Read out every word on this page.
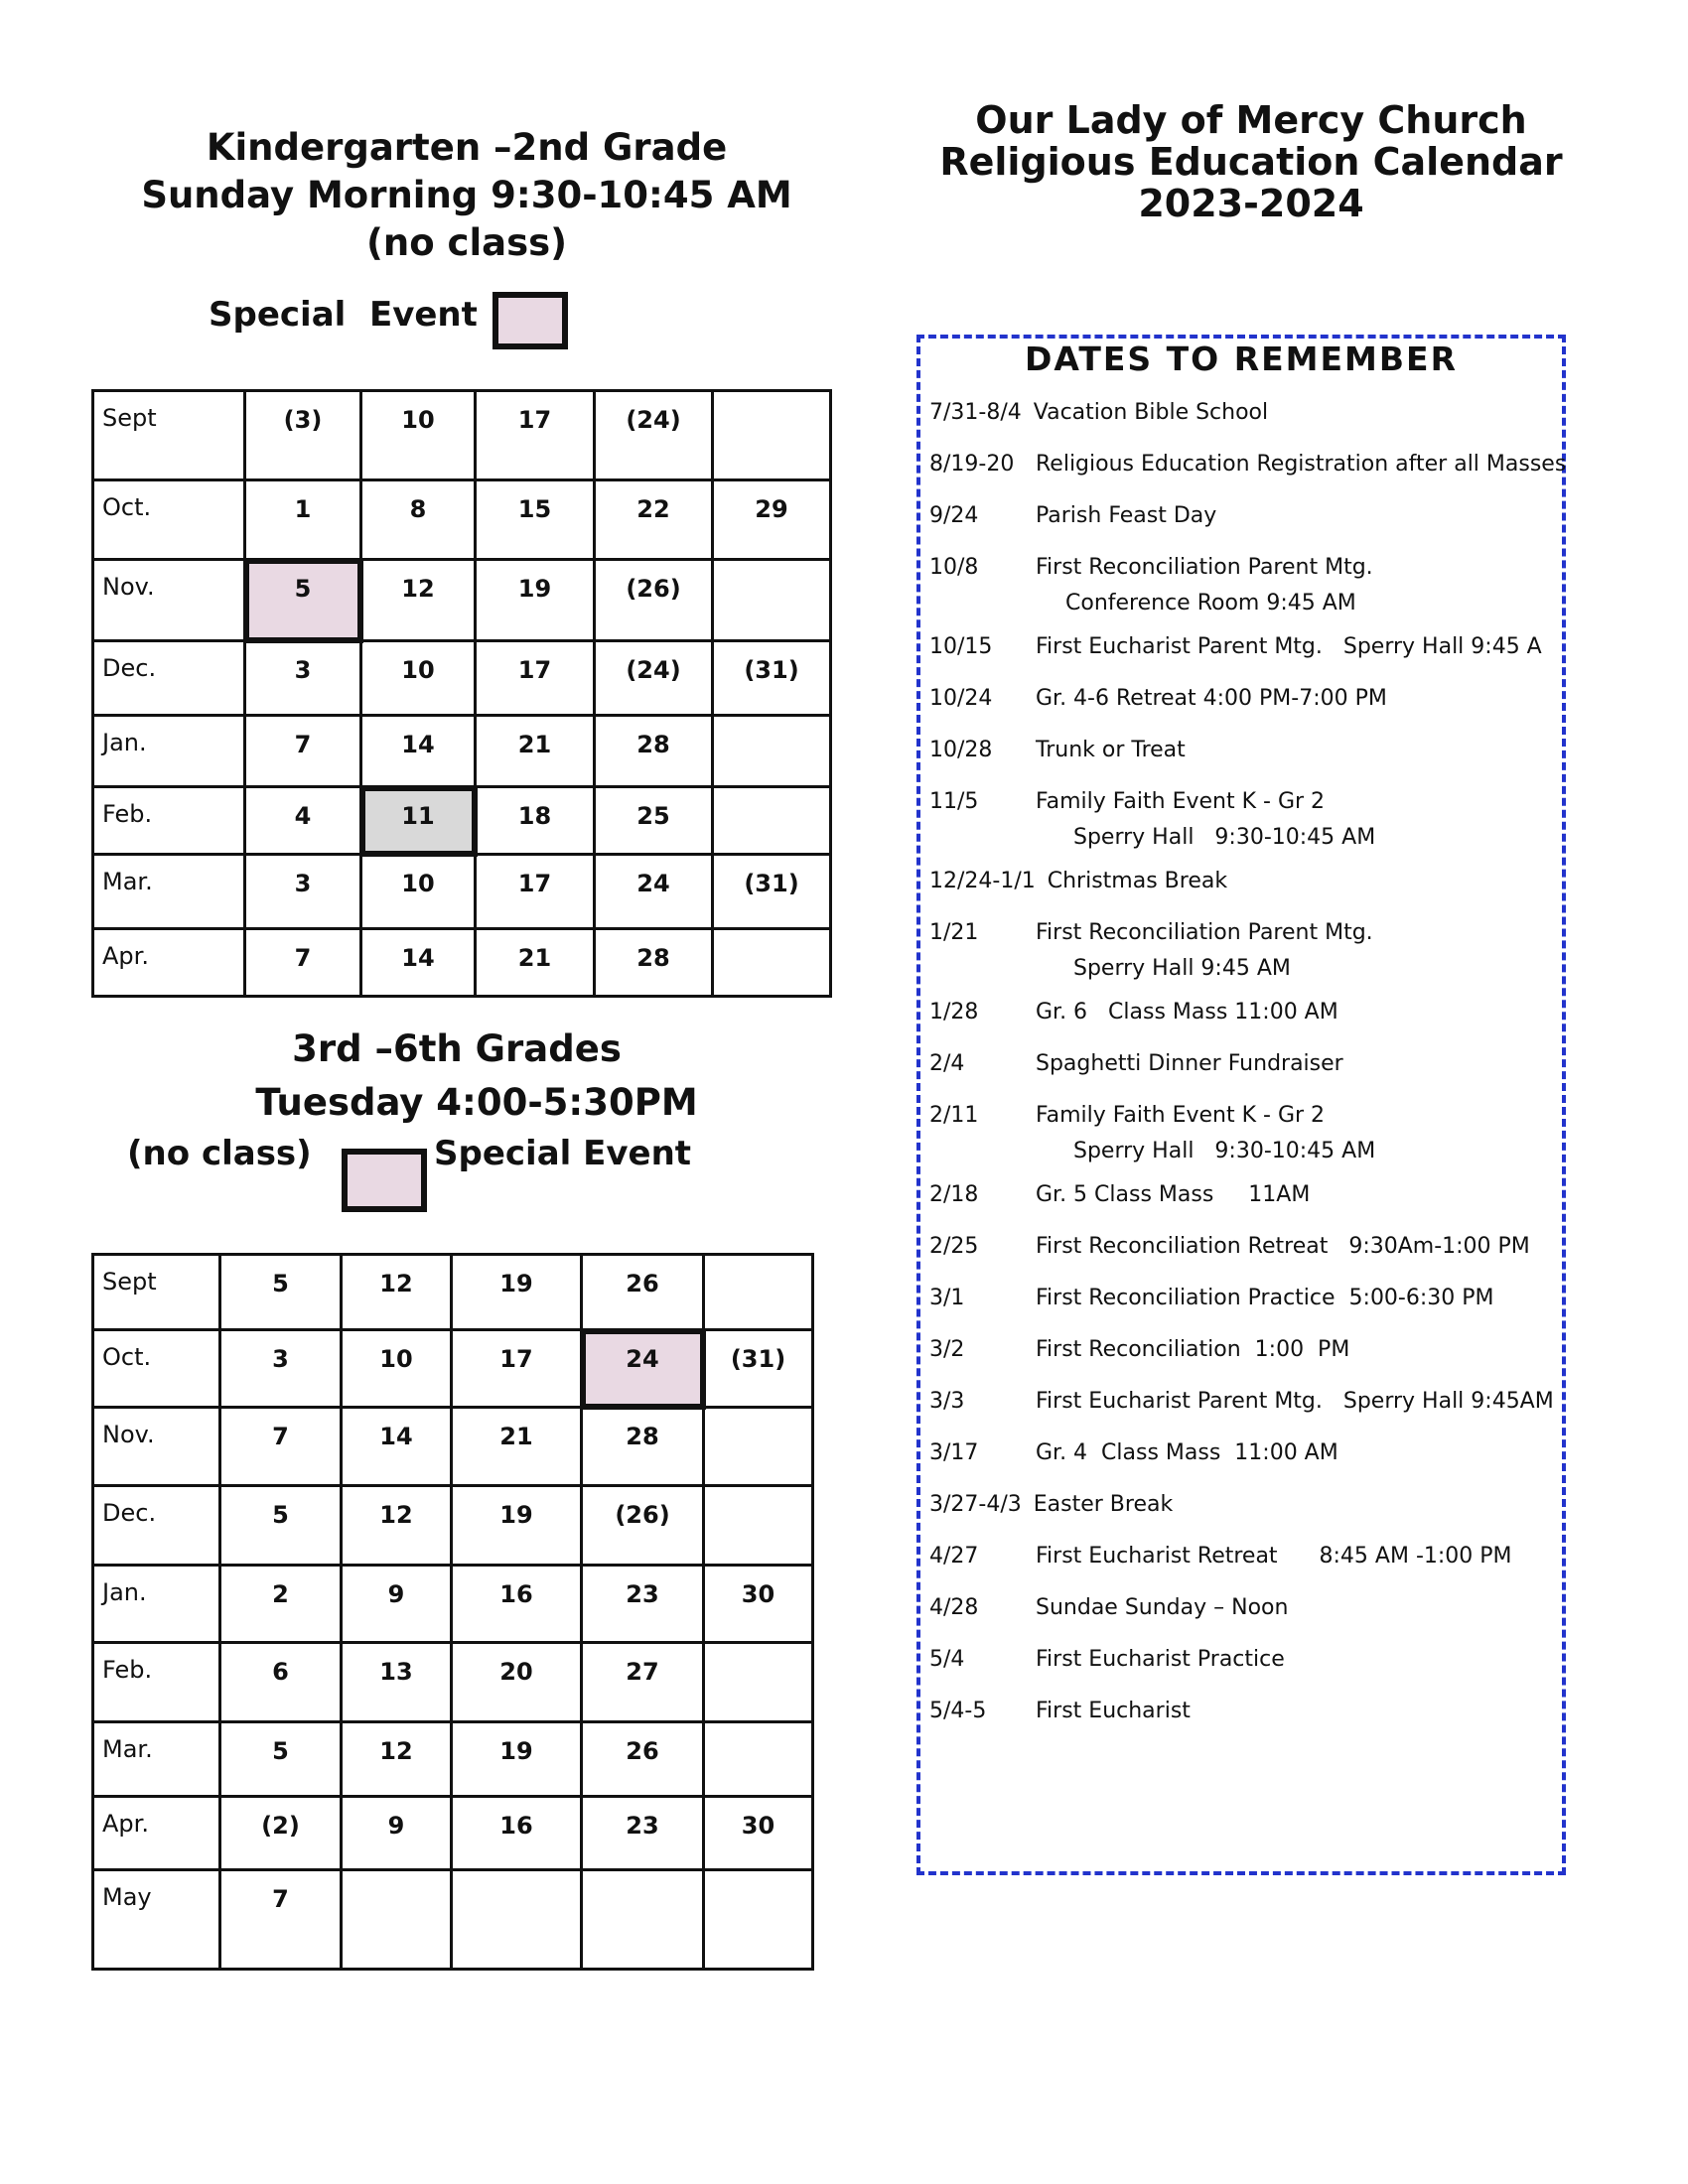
Our Lady of Mercy Church
Religious Education Calendar
2023-2024
Kindergarten –2nd Grade
Sunday Morning 9:30-10:45 AM
(no class)
Special  Event
Sept	(3)	10	17	(24)	
Oct.	1	8	15	22	29
Nov.	5	12	19	(26)	
Dec.	3	10	17	(24)	(31)
Jan.	7	14	21	28	
Feb.	4	11	18	25	
Mar.	3	10	17	24	(31)
Apr.	7	14	21	28	
3rd –6th Grades
Tuesday 4:00-5:30PM
(no class)	Special Event
Sept	5	12	19	26	
Oct.	3	10	17	24	(31)
Nov.	7	14	21	28	
Dec.	5	12	19	(26)	
Jan.	2	9	16	23	30
Feb.	6	13	20	27	
Mar.	5	12	19	26	
Apr.	(2)	9	16	23	30
May	7				
DATES TO REMEMBER
7/31-8/4 Vacation Bible School
8/19-20 Religious Education Registration after all Masses
9/24	Parish Feast Day
10/8	First Reconciliation Parent Mtg.
Conference Room 9:45 AM
10/15 First Eucharist Parent Mtg.   Sperry Hall 9:45 A
10/24 Gr. 4-6 Retreat 4:00 PM-7:00 PM
10/28 Trunk or Treat
11/5	Family Faith Event K - Gr 2
Sperry Hall   9:30-10:45 AM
12/24-1/1 Christmas Break
1/21	First Reconciliation Parent Mtg.
Sperry Hall 9:45 AM
1/28	Gr. 6   Class Mass 11:00 AM
2/4	Spaghetti Dinner Fundraiser
2/11	Family Faith Event K - Gr 2
Sperry Hall   9:30-10:45 AM
2/18	Gr. 5 Class Mass     11AM
2/25	First Reconciliation Retreat   9:30Am-1:00 PM
3/1	First Reconciliation Practice  5:00-6:30 PM
3/2	First Reconciliation  1:00  PM
3/3	First Eucharist Parent Mtg.   Sperry Hall 9:45AM
3/17	Gr. 4  Class Mass  11:00 AM
3/27-4/3 Easter Break
4/27	First Eucharist Retreat      8:45 AM -1:00 PM
4/28	Sundae Sunday – Noon
5/4	First Eucharist Practice
5/4-5 First Eucharist
